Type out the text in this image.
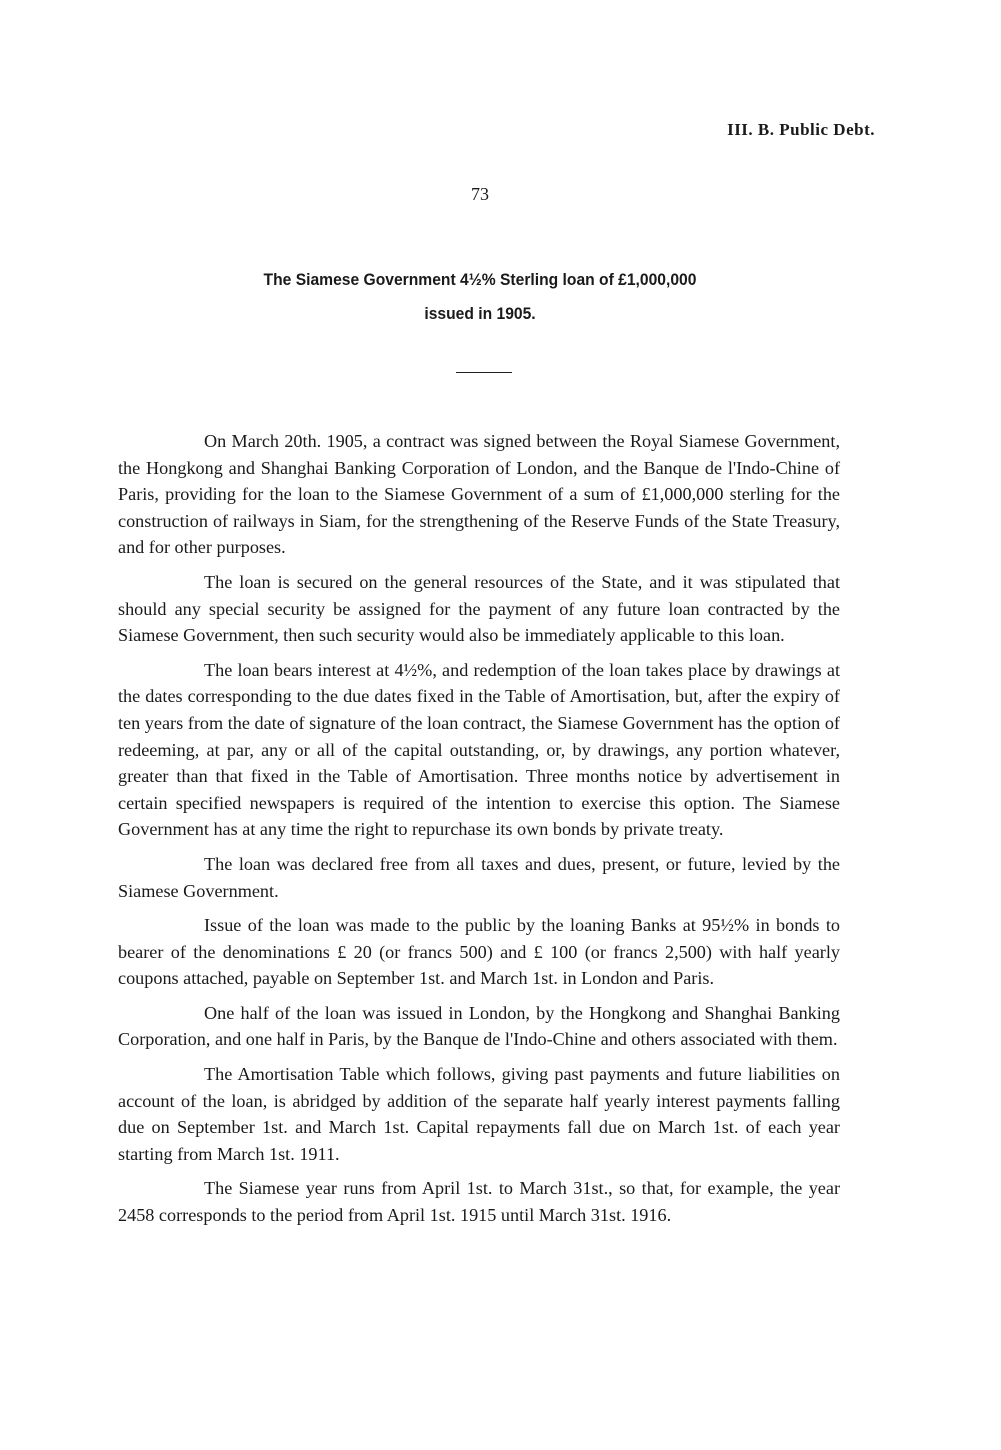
III. B. Public Debt.
73
The Siamese Government 4½% Sterling loan of £1,000,000
issued in 1905.

On March 20th. 1905, a contract was signed between the Royal Siamese Government, the Hongkong and Shanghai Banking Corporation of London, and the Banque de l'Indo-Chine of Paris, providing for the loan to the Siamese Government of a sum of £1,000,000 sterling for the construction of railways in Siam, for the strengthening of the Reserve Funds of the State Treasury, and for other purposes.

The loan is secured on the general resources of the State, and it was stipulated that should any special security be assigned for the payment of any future loan contracted by the Siamese Government, then such security would also be immediately applicable to this loan.

The loan bears interest at 4½%, and redemption of the loan takes place by drawings at the dates corresponding to the due dates fixed in the Table of Amortisation, but, after the expiry of ten years from the date of signature of the loan contract, the Siamese Government has the option of redeeming, at par, any or all of the capital outstanding, or, by drawings, any portion whatever, greater than that fixed in the Table of Amortisation. Three months notice by advertisement in certain specified newspapers is required of the intention to exercise this option. The Siamese Government has at any time the right to repurchase its own bonds by private treaty.

The loan was declared free from all taxes and dues, present, or future, levied by the Siamese Government.

Issue of the loan was made to the public by the loaning Banks at 95½% in bonds to bearer of the denominations £ 20 (or francs 500) and £ 100 (or francs 2,500) with half yearly coupons attached, payable on September 1st. and March 1st. in London and Paris.

One half of the loan was issued in London, by the Hongkong and Shanghai Banking Corporation, and one half in Paris, by the Banque de l'Indo-Chine and others associated with them.

The Amortisation Table which follows, giving past payments and future liabilities on account of the loan, is abridged by addition of the separate half yearly interest payments falling due on September 1st. and March 1st. Capital repayments fall due on March 1st. of each year starting from March 1st. 1911.

The Siamese year runs from April 1st. to March 31st., so that, for example, the year 2458 corresponds to the period from April 1st. 1915 until March 31st. 1916.
